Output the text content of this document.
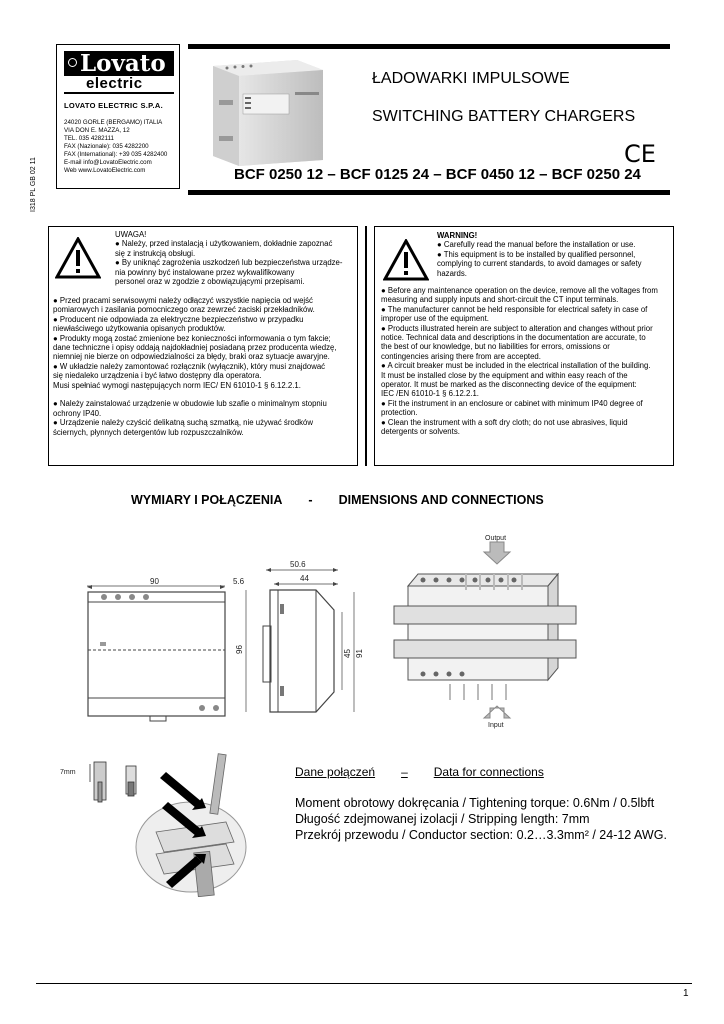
I318 PL GB 02 11
Lovato
electric
LOVATO ELECTRIC S.P.A.
24020 GORLE (BERGAMO) ITALIA
VIA DON E. MAZZA, 12
TEL. 035 4282111
FAX (Nazionale): 035 4282200
FAX (International): +39 035 4282400
E-mail info@LovatoElectric.com
Web www.LovatoElectric.com
ŁADOWARKI IMPULSOWE
SWITCHING BATTERY CHARGERS
CE
BCF 0250 12 – BCF 0125 24 – BCF 0450 12 – BCF 0250 24

UWAGA!

● Należy, przed instalacją i użytkowaniem, dokładnie zapoznać

się z instrukcją obsługi.

● By uniknąć zagrożenia uszkodzeń lub bezpieczeństwa urządze-

nia powinny być instalowane przez wykwalifikowany

personel oraz w zgodzie z obowiązującymi przepisami.

● Przed pracami serwisowymi należy odłączyć wszystkie napięcia od wejść

pomiarowych i zasilania pomocniczego oraz zewrzeć zaciski przekładników.

● Producent nie odpowiada za elektryczne bezpieczeństwo w przypadku

niewłaściwego użytkowania opisanych produktów.

● Produkty mogą zostać zmienione bez konieczności informowania o tym fakcie;

dane techniczne i opisy oddają najdokładniej posiadaną przez producenta wiedzę,

niemniej nie bierze on odpowiedzialności za błędy, braki oraz sytuacje awaryjne.

● W układzie należy zamontować rozłącznik (wyłącznik), który musi znajdować

się niedaleko urządzenia i być łatwo dostępny dla operatora.

Musi spełniać wymogi następujących norm IEC/ EN 61010-1 § 6.12.2.1.

● Należy zainstalować urządzenie w obudowie lub szafie o minimalnym stopniu

ochrony IP40.

● Urządzenie należy czyścić delikatną suchą szmatką, nie używać środków

ściernych, płynnych detergentów lub rozpuszczalników.

WARNING!

● Carefully read the manual before the installation or use.

● This equipment is to be installed by qualified personnel,

complying to current standards, to avoid damages or safety

hazards.

● Before any maintenance operation on the device, remove all the voltages from

measuring and supply inputs and short-circuit the CT input terminals.

● The manufacturer cannot be held responsible for electrical safety in case of

improper use of the equipment.

● Products illustrated herein are subject to alteration and changes without prior

notice. Technical data and descriptions in the documentation are accurate, to

the best of our knowledge, but no liabilities for errors, omissions or

contingencies arising there from are accepted.

● A circuit breaker must be included in the electrical installation of the building.

It must be installed close by the equipment and within easy reach of the

operator. It must be marked as the disconnecting device of the equipment:

IEC /EN 61010-1 § 6.12.2.1.

● Fit the instrument in an enclosure or cabinet with minimum IP40 degree of

protection.

● Clean the instrument with a soft dry cloth; do not use abrasives, liquid

detergents or solvents.

WYMIARY I POŁĄCZENIA - DIMENSIONS AND CONNECTIONS
90	5.6
50.6
44
96	45 91
Output
Input
7mm	Dane połączeń – Data for connections
Moment obrotowy dokręcania / Tightening torque: 0.6Nm / 0.5lbft
Długość zdejmowanej izolacji / Stripping length: 7mm
Przekrój przewodu / Conductor section: 0.2…3.3mm² / 24-12 AWG.
1
